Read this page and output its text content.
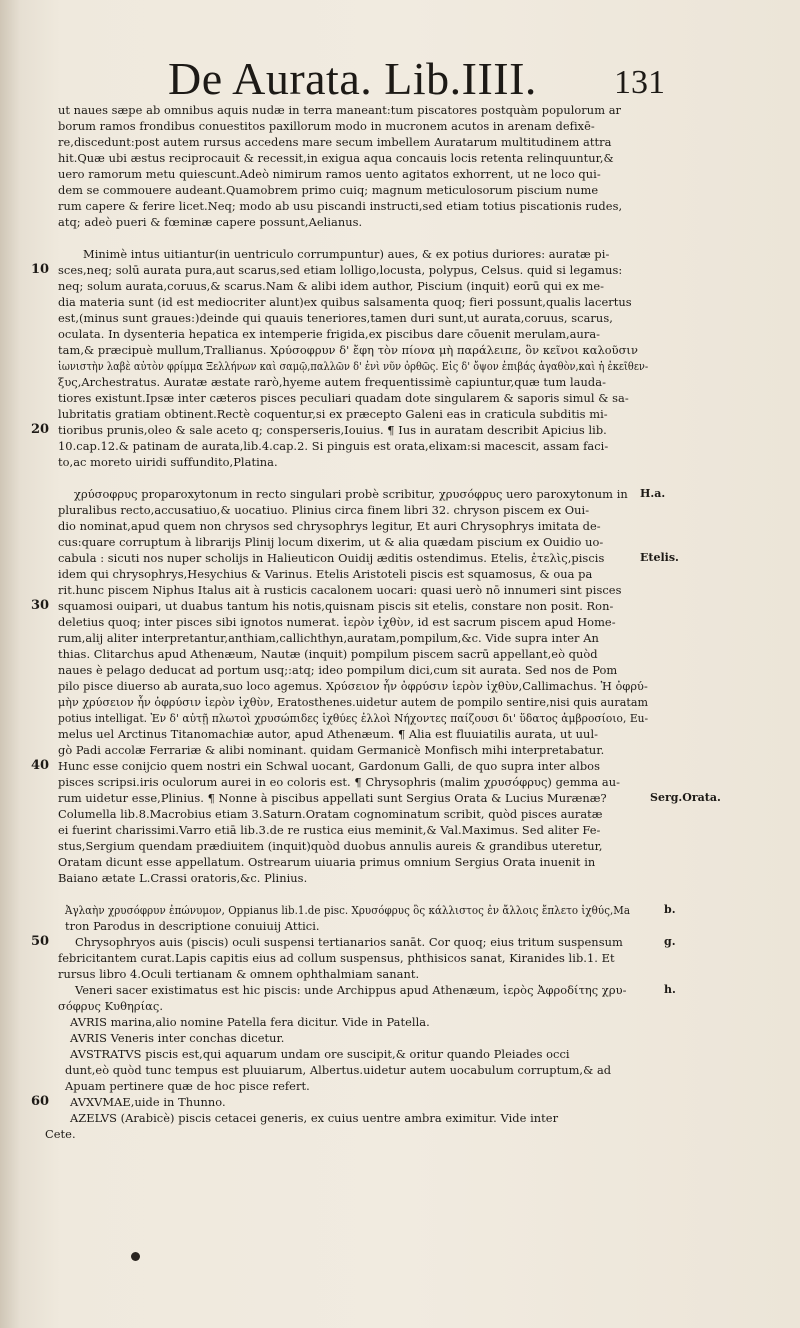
De Aurata. Lib.IIII. 131
ut naues sæpe ab omnibus aquis nudæ in terra maneant:tum piscatores postquàm populorum ar
borum ramos frondibus conuestitos paxillorum modo in mucronem acutos in arenam defixē-
re,discedunt:post autem rursus accedens mare secum imbellem Auratarum multitudinem attra
hit.Quæ ubi æstus reciprocauit & recessit,in exigua aqua concauis locis retenta relinquuntur,&
uero ramorum metu quiescunt.Adeò nimirum ramos uento agitatos exhorrent, ut ne loco qui-
dem se commouere audeant.Quamobrem primo cuiq; magnum meticulosorum piscium nume
rum capere & ferire licet.Neq; modo ab usu piscandi instructi,sed etiam totius piscationis rudes,
atq; adeò pueri & fœminæ capere possunt,Aelianus.
Minimè intus uitiantur(in uentriculo corrumpuntur) aues, & ex potius duriores: auratæ pi-
sces,neq; solū aurata pura,aut scarus,sed etiam lolligo,locusta, polypus, Celsus. quid si legamus:
10
neq; solum aurata,coruus,& scarus.Nam & alibi idem author, Piscium (inquit) eorū qui ex me-
dia materia sunt (id est mediocriter alunt)ex quibus salsamenta quoq; fieri possunt,qualis lacertus
est,(minus sunt graues:)deinde qui quauis teneriores,tamen duri sunt,ut aurata,coruus, scarus,
oculata. In dysenteria hepatica ex intemperie frigida,ex piscibus dare cōuenit merulam,aura-
tam,& præcipuè mullum,Trallianus. Χρύσοφρυν δ' ἔφη τὸν πίονα μὴ παράλειπε, ὃν κεῖνοι καλοῦσιν
ἰωνιστὴν λαβὲ αὐτὸν φρίμμα Ξελλήνων καὶ σαμῷ,παλλῶν δ' ἐνὶ νῦν ὀρθῶς. Εἰς δ' ὄψον ἐπιβάς ἀγαθὸν,καὶ ἡ ἐκεῖθεν-
ξυς,Archestratus. Auratæ æstate rarò,hyeme autem frequentissimè capiuntur,quæ tum lauda-
tiores existunt.Ipsæ inter cæteros pisces peculiari quadam dote singularem & saporis simul & sa-
lubritatis gratiam obtinent.Rectè coquentur,si ex præcepto Galeni eas in craticula subditis mi-
tioribus prunis,oleo & sale aceto q; consperseris,Iouius. ¶ Ius in auratam describit Apicius lib.
20
10.cap.12.& patinam de aurata,lib.4.cap.2. Si pinguis est orata,elixam:si macescit, assam faci-
to,ac moreto uiridi suffundito,Platina.
χρύσοφρυς proparoxytonum in recto singulari probè scribitur, χρυσόφρυς uero paroxytonum in H.a.
pluralibus recto,accusatiuo,& uocatiuo. Plinius circa finem libri 32. chryson piscem ex Oui-
dio nominat,apud quem non chrysos sed chrysophrys legitur, Et auri Chrysophrys imitata de-
cus:quare corruptum à librarijs Plinij locum dixerim, ut & alia quædam piscium ex Ouidio uo-
cabula : sicuti nos nuper scholijs in Halieuticon Ouidij æditis ostendimus. Etelis, ἐτελὶς,piscis	Etelis.
idem qui chrysophrys,Hesychius & Varinus. Etelis Aristoteli piscis est squamosus, & oua pa
rit.hunc piscem Niphus Italus ait à rusticis cacalonem uocari: quasi uerò nō innumeri sint pisces
squamosi ouipari, ut duabus tantum his notis,quisnam piscis sit etelis, constare non posit. Ron-
30
deletius quoq; inter pisces sibi ignotos numerat. ἱερὸν ἰχθὺν, id est sacrum piscem apud Home-
rum,alij aliter interpretantur,anthiam,callichthyn,auratam,pompilum,&c. Vide supra inter An
thias. Clitarchus apud Athenæum, Nautæ (inquit) pompilum piscem sacrū appellant,eò quòd
naues è pelago deducat ad portum usq;:atq; ideo pompilum dici,cum sit aurata. Sed nos de Pom
pilo pisce diuerso ab aurata,suo loco agemus. Χρύσειον ἦν ὀφρύσιν ἱερὸν ἰχθὺν,Callimachus. Ἡ ὀφρύ-
μὴν χρύσειον ἦν ὀφρύσιν ἱερὸν ἰχθὺν, Eratosthenes.uidetur autem de pompilo sentire,nisi quis auratam
potius intelligat. Ἐν δ' αὐτῇ πλωτοὶ χρυσώπιδες ἰχθύες ἐλλοὶ Νήχοντες παίζουσι δι' ὕδατος ἀμβροσίοιο, Eu-
melus uel Arctinus Titanomachiæ autor, apud Athenæum. ¶ Alia est fluuiatilis aurata, ut uul-
gò Padi accolæ Ferrariæ & alibi nominant. quidam Germanicè Monfisch mihi interpretabatur.
Hunc esse conijcio quem nostri ein Schwal uocant, Gardonum Galli, de quo supra inter albos
40
pisces scripsi.iris oculorum aurei in eo coloris est. ¶ Chrysophris (malim χρυσόφρυς) gemma au-
rum uidetur esse,Plinius. ¶ Nonne à piscibus appellati sunt Sergius Orata & Lucius Murænæ?	Serg.Orata.
Columella lib.8.Macrobius etiam 3.Saturn.Oratam cognominatum scribit, quòd pisces auratæ
ei fuerint charissimi.Varro etiā lib.3.de re rustica eius meminit,& Val.Maximus. Sed aliter Fe-
stus,Sergium quendam prædiuitem (inquit)quòd duobus annulis aureis & grandibus uteretur,
Oratam dicunt esse appellatum. Ostrearum uiuaria primus omnium Sergius Orata inuenit in
Baiano ætate L.Crassi oratoris,&c. Plinius.
Ἀγλαὴν χρυσόφρυν ἐπώνυμον, Oppianus lib.1.de pisc. Χρυσόφρυς ὃς κάλλιστος ἐν ἄλλοις ἔπλετο ἰχθύς,Ma	b.
tron Parodus in descriptione conuiuij Attici.
Chrysophryos auis (piscis) oculi suspensi tertianarios sanāt. Cor quoq; eius tritum suspensum
50	g.
febricitantem curat.Lapis capitis eius ad collum suspensus, phthisicos sanat, Kiranides lib.1. Et
rursus libro 4.Oculi tertianam & omnem ophthalmiam sanant.
Veneri sacer existimatus est hic piscis: unde Archippus apud Athenæum, ἱερὸς Ἀφροδίτης χρυ-	h.
σόφρυς Κυθηρίας.
AVRIS marina,alio nomine Patella fera dicitur. Vide in Patella.
AVRIS Veneris inter conchas dicetur.
AVSTRATVS piscis est,qui aquarum undam ore suscipit,& oritur quando Pleiades occi
dunt,eò quòd tunc tempus est pluuiarum, Albertus.uidetur autem uocabulum corruptum,& ad
Apuam pertinere quæ de hoc pisce refert.
AVXVMAE,uide in Thunno.
60
AZELVS (Arabicè) piscis cetacei generis, ex cuius uentre ambra eximitur. Vide inter
Cete.
